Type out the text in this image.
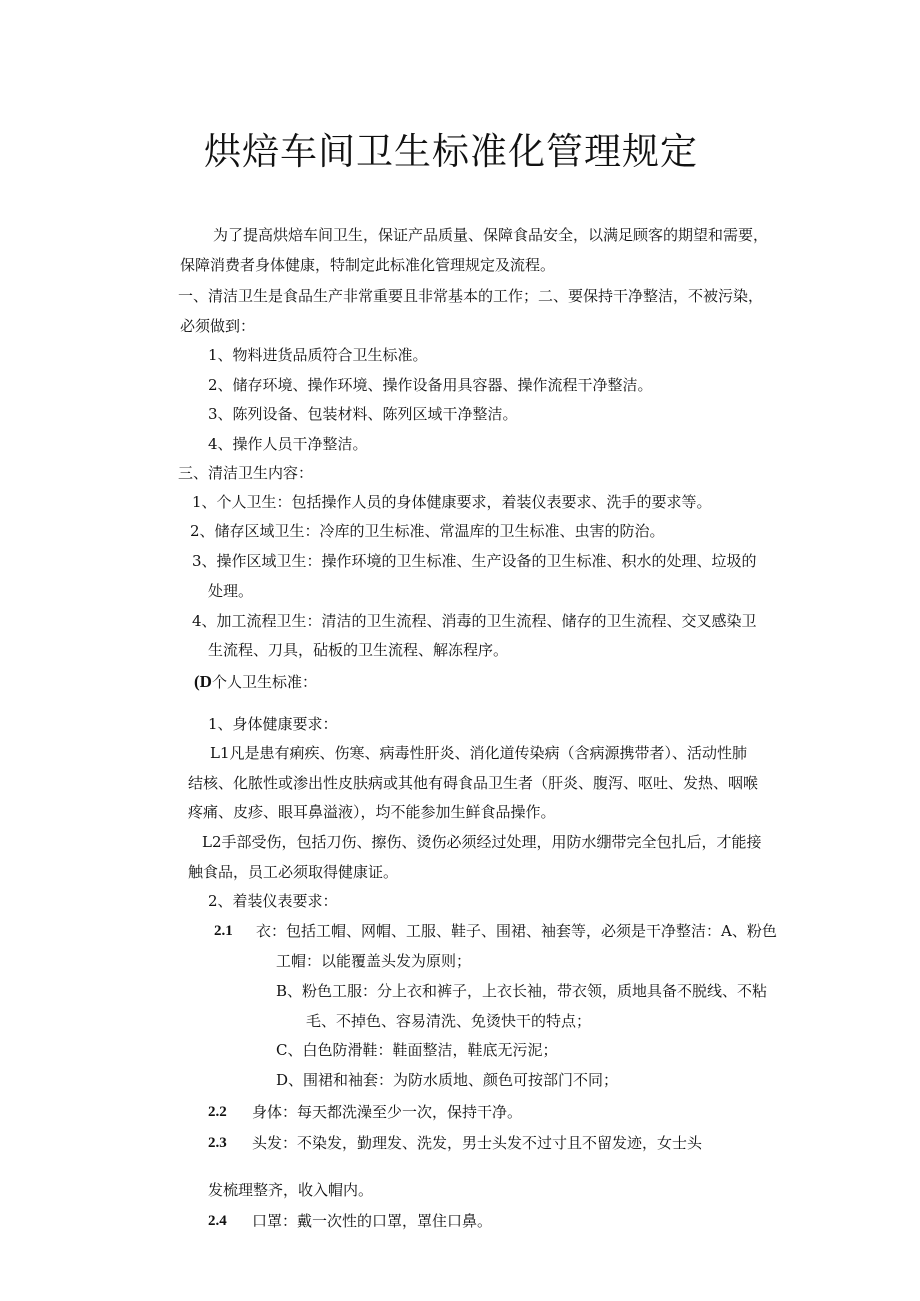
烘焙车间卫生标准化管理规定
为了提高烘焙车间卫生，保证产品质量、保障食品安全，以满足顾客的期望和需要，
保障消费者身体健康，特制定此标准化管理规定及流程。
一、清洁卫生是食品生产非常重要且非常基本的工作；二、要保持干净整洁，不被污染，
必须做到：
1、物料进货品质符合卫生标准。
2、储存环境、操作环境、操作设备用具容器、操作流程干净整洁。
3、陈列设备、包装材料、陈列区域干净整洁。
4、操作人员干净整洁。
三、清洁卫生内容：
1、个人卫生：包括操作人员的身体健康要求，着装仪表要求、洗手的要求等。
2、储存区域卫生：冷库的卫生标准、常温库的卫生标准、虫害的防治。
3、操作区域卫生：操作环境的卫生标准、生产设备的卫生标准、积水的处理、垃圾的
处理。
4、加工流程卫生：清洁的卫生流程、消毒的卫生流程、储存的卫生流程、交叉感染卫
生流程、刀具，砧板的卫生流程、解冻程序。
(D个人卫生标准：
1、身体健康要求：
L1凡是患有痢疾、伤寒、病毒性肝炎、消化道传染病（含病源携带者）、活动性肺
结核、化脓性或渗出性皮肤病或其他有碍食品卫生者（肝炎、腹泻、呕吐、发热、咽喉
疼痛、皮疹、眼耳鼻溢液），均不能参加生鲜食品操作。
L2手部受伤，包括刀伤、擦伤、烫伤必须经过处理，用防水绷带完全包扎后，才能接
触食品，员工必须取得健康证。
2、着装仪表要求：
2.1 衣：包括工帽、网帽、工服、鞋子、围裙、袖套等，必须是干净整洁：A、粉色
工帽：以能覆盖头发为原则；
B、粉色工服：分上衣和裤子，上衣长袖，带衣领，质地具备不脱线、不粘
毛、不掉色、容易清洗、免烫快干的特点；
C、白色防滑鞋：鞋面整洁，鞋底无污泥；
D、围裙和袖套：为防水质地、颜色可按部门不同；
2.2 身体：每天都洗澡至少一次，保持干净。
2.3 头发：不染发，勤理发、洗发，男士头发不过寸且不留发迹，女士头
发梳理整齐，收入帽内。
2.4 口罩：戴一次性的口罩，罩住口鼻。
